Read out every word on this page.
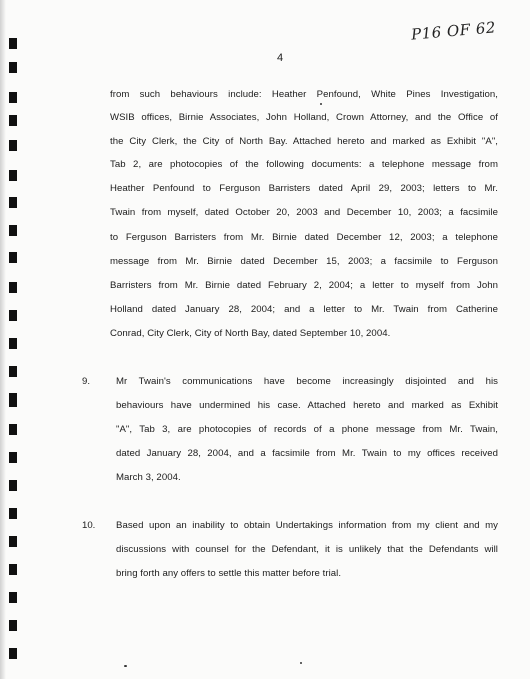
P16 OF 62
4
from such behaviours include: Heather Penfound, White Pines Investigation,
WSIB offices, Birnie Associates, John Holland, Crown Attorney, and the Office of
the City Clerk, the City of North Bay. Attached hereto and marked as Exhibit "A",
Tab 2, are photocopies of the following documents: a telephone message from
Heather Penfound to Ferguson Barristers dated April 29, 2003; letters to Mr.
Twain from myself, dated October 20, 2003 and December 10, 2003; a facsimile
to Ferguson Barristers from Mr. Birnie dated December 12, 2003; a telephone
message from Mr. Birnie dated December 15, 2003; a facsimile to Ferguson
Barristers from Mr. Birnie dated February 2, 2004; a letter to myself from John
Holland dated January 28, 2004; and a letter to Mr. Twain from Catherine
Conrad, City Clerk, City of North Bay, dated September 10, 2004.
9.	Mr Twain's communications have become increasingly disjointed and his
behaviours have undermined his case. Attached hereto and marked as Exhibit
"A", Tab 3, are photocopies of records of a phone message from Mr. Twain,
dated January 28, 2004, and a facsimile from Mr. Twain to my offices received
March 3, 2004.
10. Based upon an inability to obtain Undertakings information from my client and my
discussions with counsel for the Defendant, it is unlikely that the Defendants will
bring forth any offers to settle this matter before trial.
